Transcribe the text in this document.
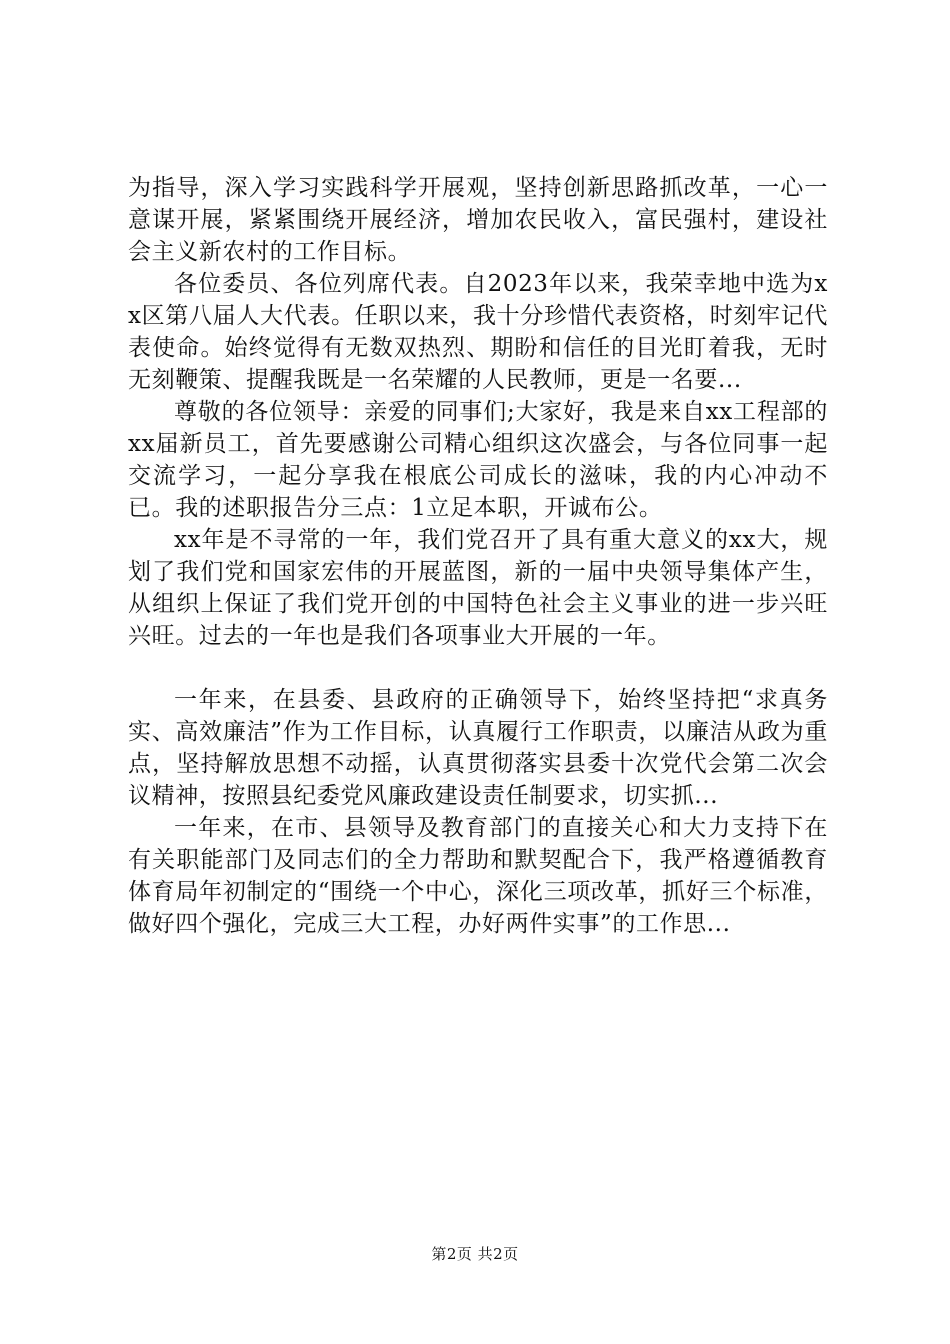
为指导，深入学习实践科学开展观，坚持创新思路抓改革，一心一意谋开展，紧紧围绕开展经济，增加农民收入，富民强村，建设社会主义新农村的工作目标。

各位委员、各位列席代表。自2023年以来，我荣幸地中选为xx区第八届人大代表。任职以来，我十分珍惜代表资格，时刻牢记代表使命。始终觉得有无数双热烈、期盼和信任的目光盯着我，无时无刻鞭策、提醒我既是一名荣耀的人民教师，更是一名要...

尊敬的各位领导：亲爱的同事们;大家好，我是来自xx工程部的xx届新员工，首先要感谢公司精心组织这次盛会，与各位同事一起交流学习，一起分享我在根底公司成长的滋味，我的内心冲动不已。我的述职报告分三点：1立足本职，开诚布公。

xx年是不寻常的一年，我们党召开了具有重大意义的xx大，规划了我们党和国家宏伟的开展蓝图，新的一届中央领导集体产生，从组织上保证了我们党开创的中国特色社会主义事业的进一步兴旺兴旺。过去的一年也是我们各项事业大开展的一年。

一年来，在县委、县政府的正确领导下，始终坚持把“求真务实、高效廉洁”作为工作目标，认真履行工作职责，以廉洁从政为重点，坚持解放思想不动摇，认真贯彻落实县委十次党代会第二次会议精神，按照县纪委党风廉政建设责任制要求，切实抓...

一年来，在市、县领导及教育部门的直接关心和大力支持下在有关职能部门及同志们的全力帮助和默契配合下，我严格遵循教育体育局年初制定的“围绕一个中心，深化三项改革，抓好三个标准，做好四个强化，完成三大工程，办好两件实事”的工作思...

第2页 共2页
